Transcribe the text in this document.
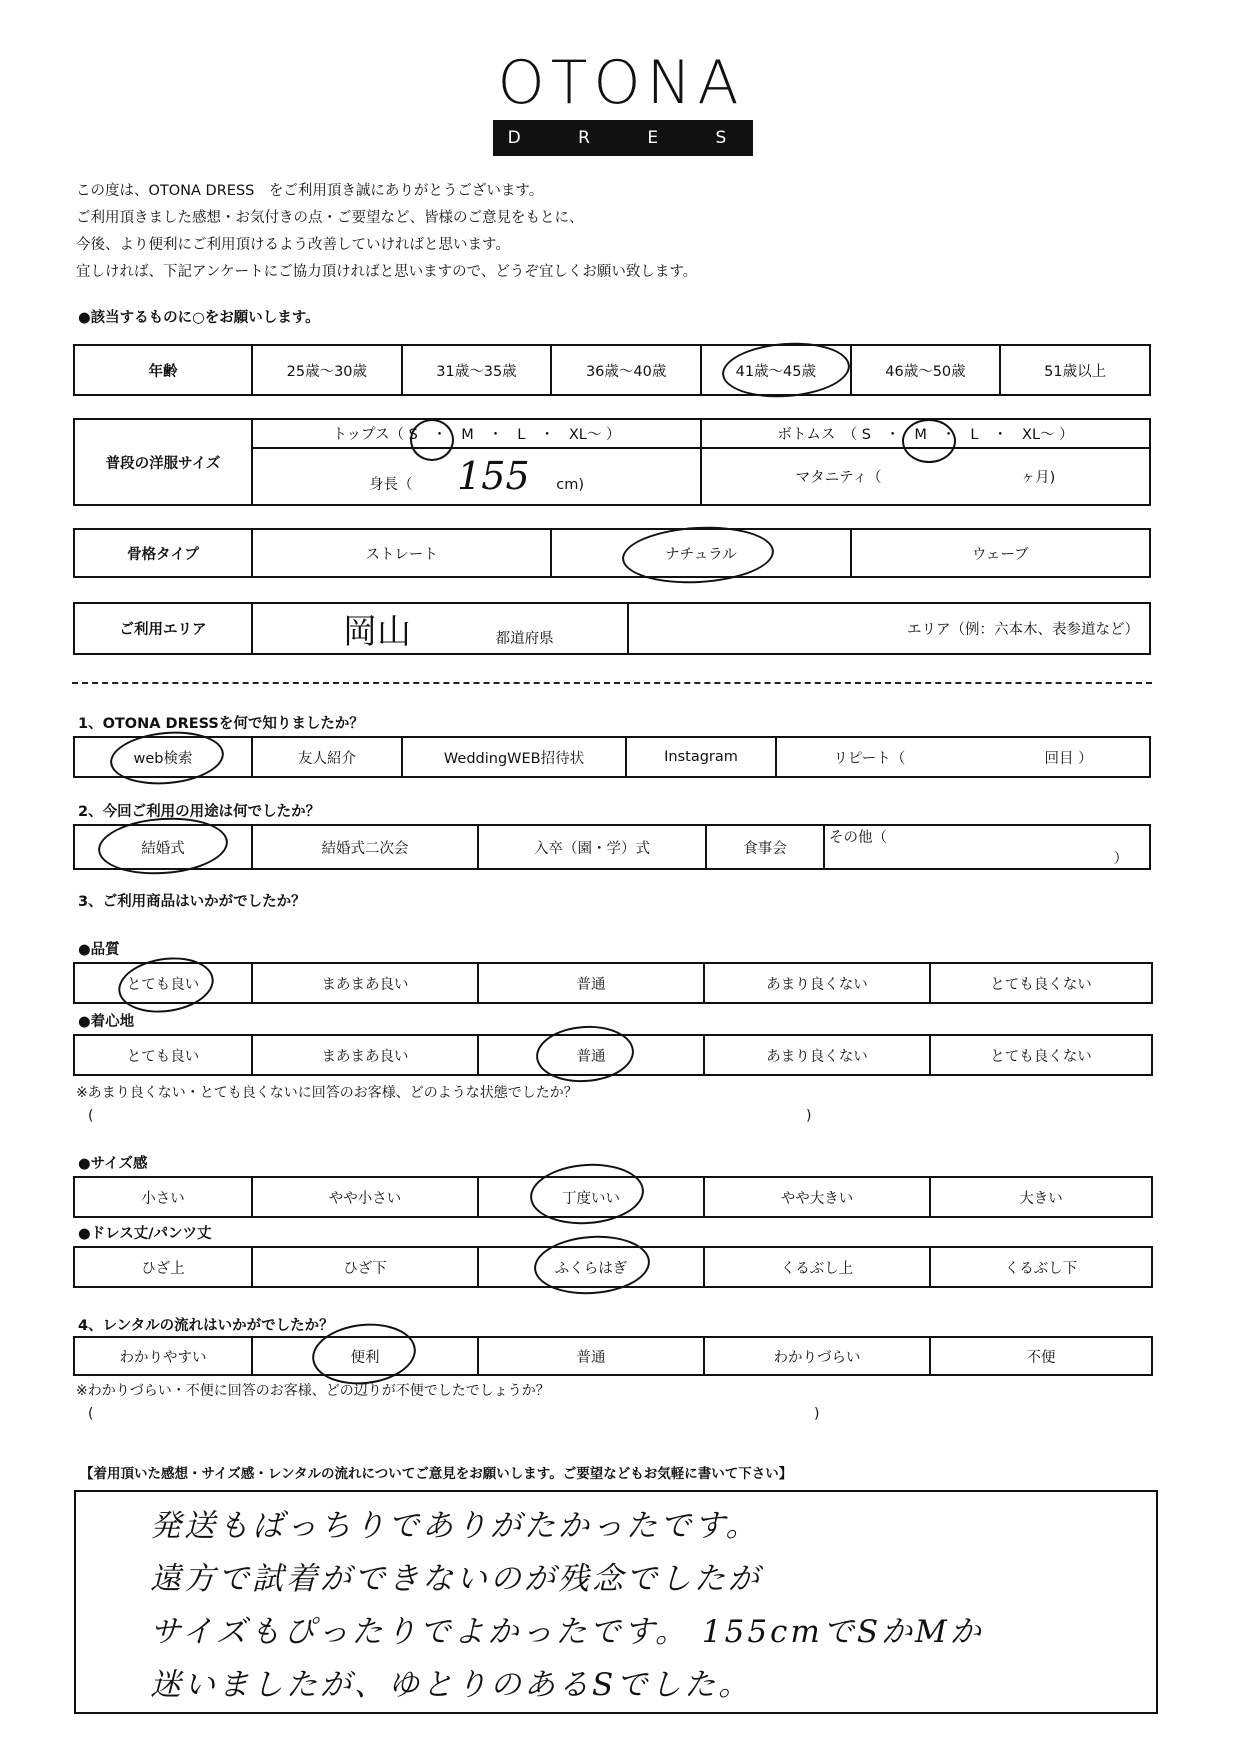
OTONA
D R E S S
この度は、OTONA DRESS　をご利用頂き誠にありがとうございます。
ご利用頂きました感想・お気付きの点・ご要望など、皆様のご意見をもとに、
今後、より便利にご利用頂けるよう改善していければと思います。
宜しければ、下記アンケートにご協力頂ければと思いますので、どうぞ宜しくお願い致します。
●該当するものに○をお願いします。
年齢	25歳～30歳	31歳～35歳	36歳～40歳	41歳～45歳	46歳～50歳	51歳以上
普段の洋服サイズ	トップス（ S　・　M　・　L　・　XL～ ）	ボトムス　（ S　・　M　・　L　・　XL～ ）
	身長（ 155 cm)	マタニティ（ ヶ月)
骨格タイプ	ストレート	ナチュラル	ウェーブ
ご利用エリア	岡山	都道府県	エリア（例：六本木、表参道など）
1、OTONA DRESSを何で知りましたか？
web検索	友人紹介	WeddingWEB招待状	Instagram	リピート（	回目 ）
2、今回ご利用の用途は何でしたか？
結婚式	結婚式二次会	入卒（園・学）式	食事会	その他（  ）
3、ご利用商品はいかがでしたか？
●品質
とても良い	まあまあ良い	普通	あまり良くない	とても良くない
●着心地
とても良い	まあまあ良い	普通	あまり良くない	とても良くない
※あまり良くない・とても良くないに回答のお客様、どのような状態でしたか？
(	)
●サイズ感
小さい	やや小さい	丁度いい	やや大きい	大きい
●ドレス丈/パンツ丈
ひざ上	ひざ下	ふくらはぎ	くるぶし上	くるぶし下
4、レンタルの流れはいかがでしたか？
わかりやすい	便利	普通	わかりづらい	不便
※わかりづらい・不便に回答のお客様、どの辺りが不便でしたでしょうか？
(	)
【着用頂いた感想・サイズ感・レンタルの流れについてご意見をお願いします。ご要望などもお気軽に書いて下さい】
発送もばっちりでありがたかったです。
遠方で試着ができないのが残念でしたが
サイズもぴったりでよかったです。 155cmでSかMか
迷いましたが、ゆとりのあるSでした。
